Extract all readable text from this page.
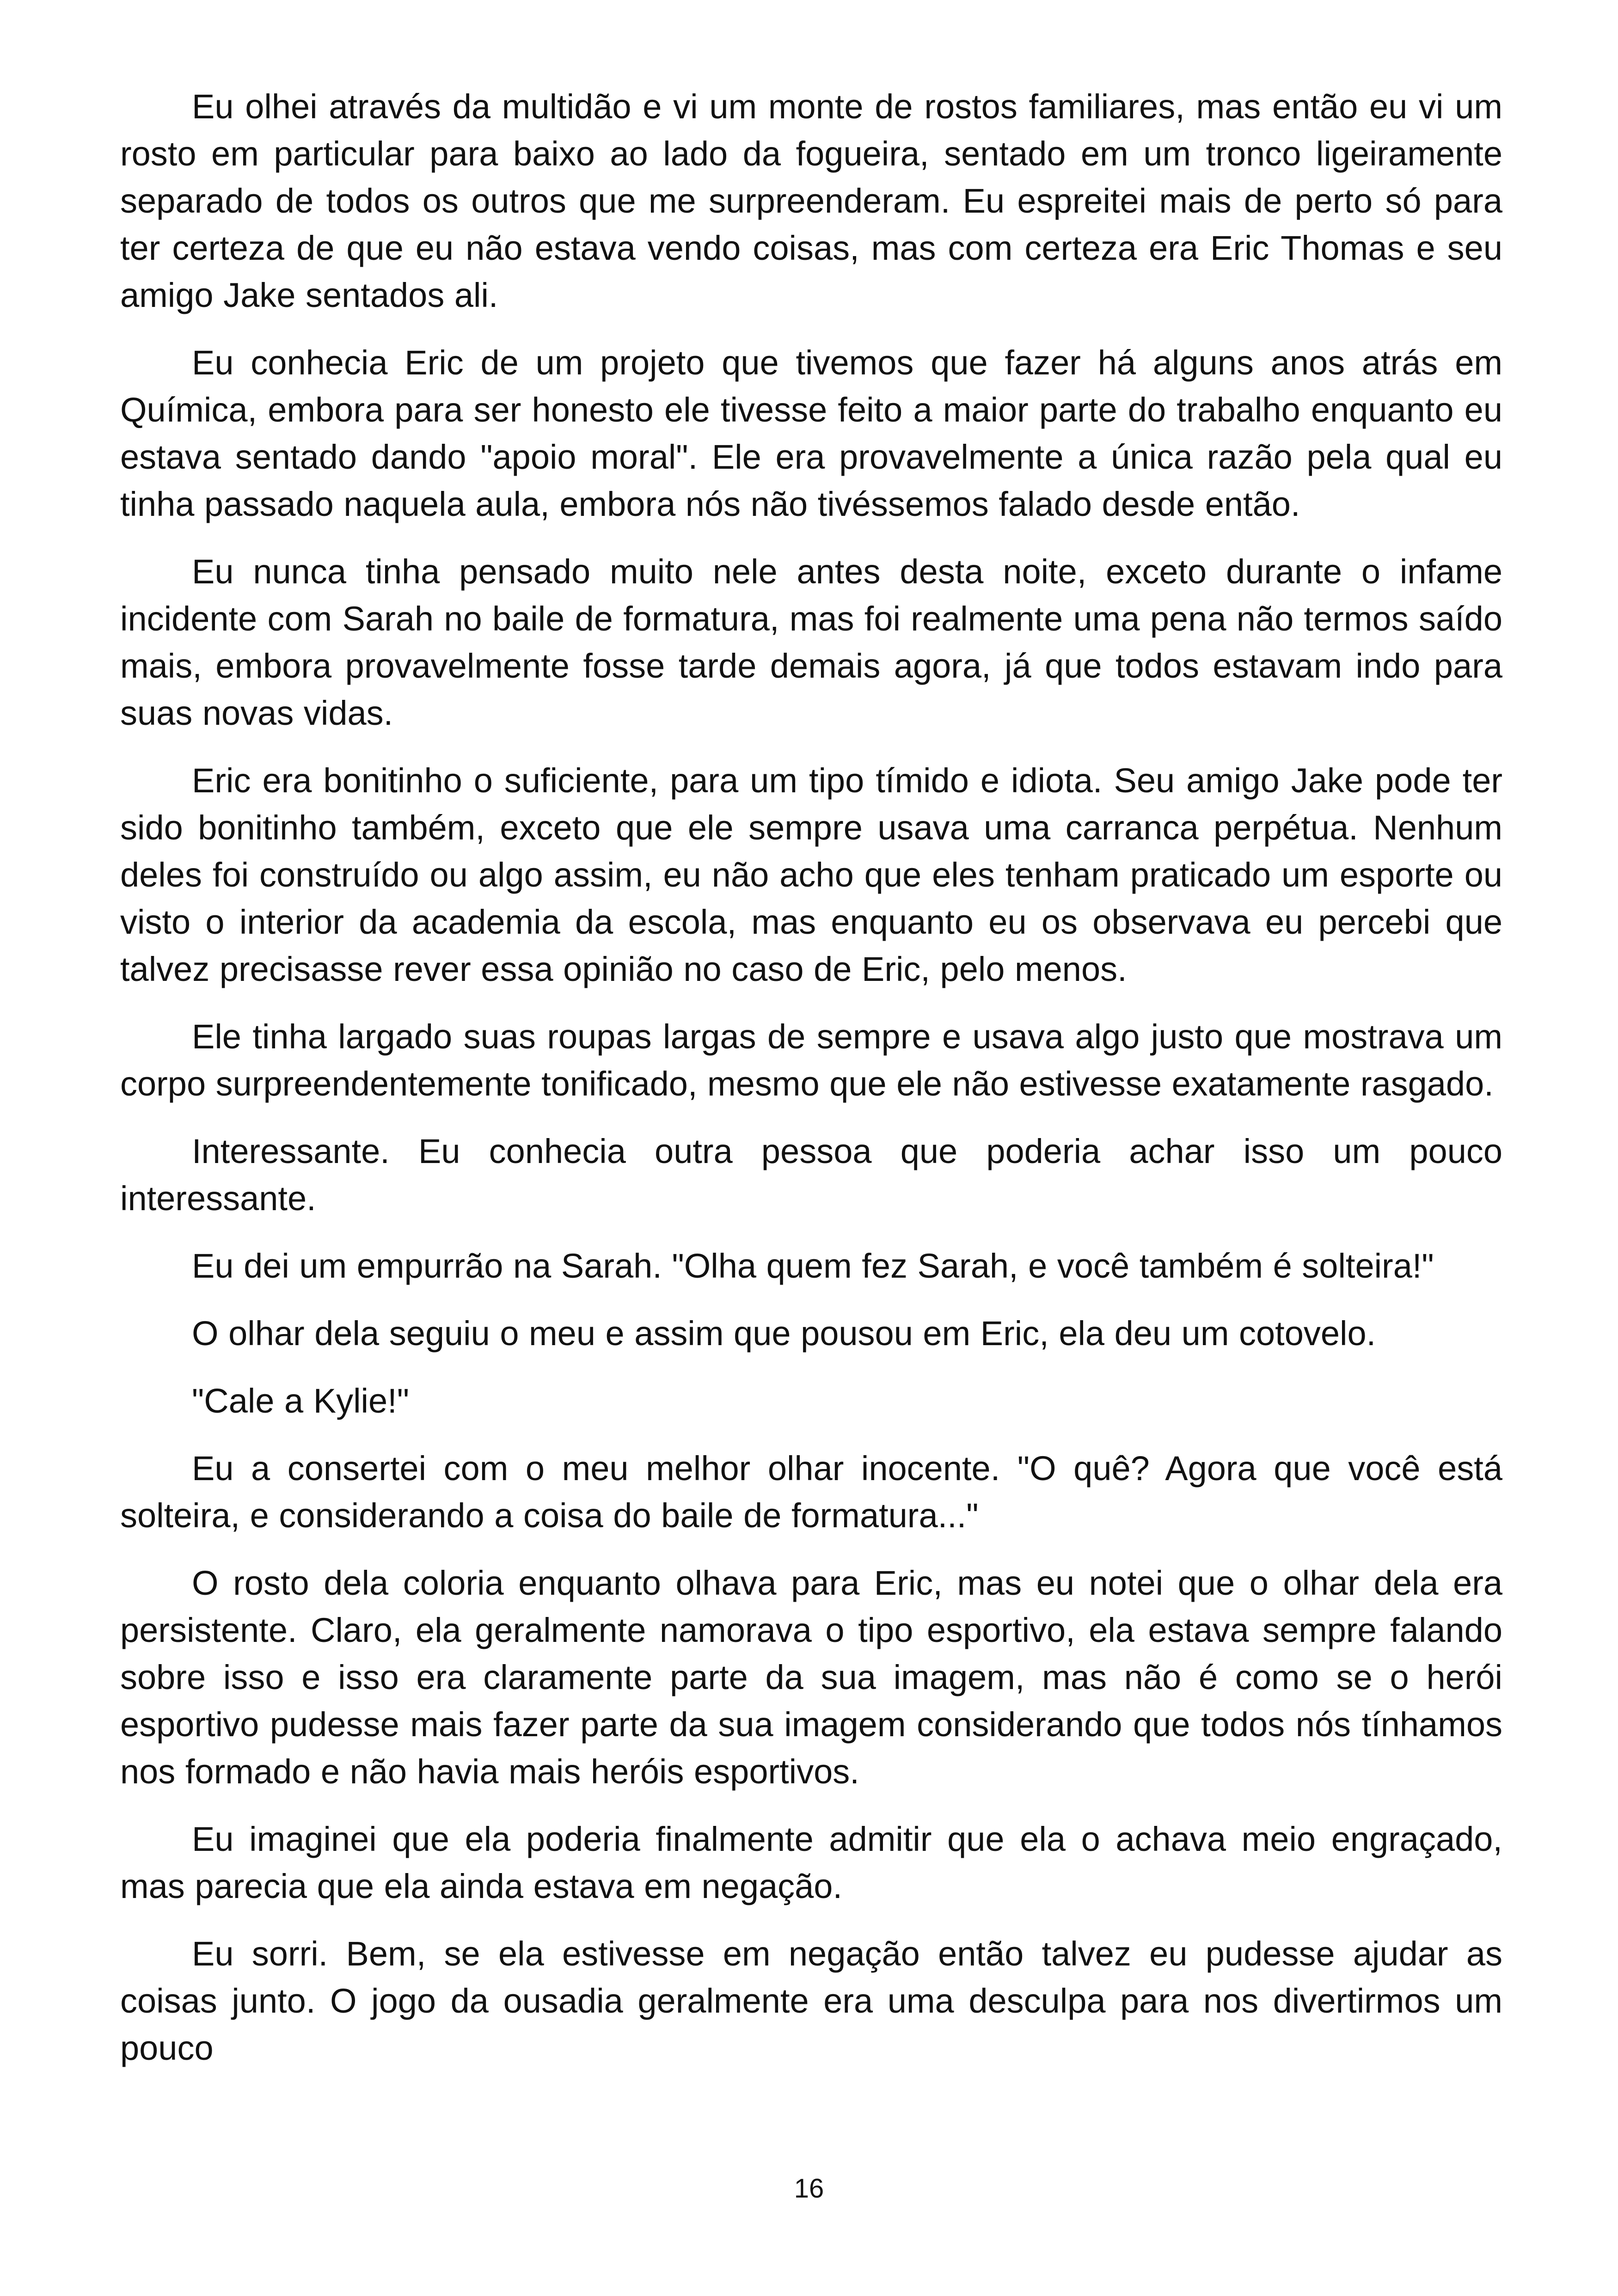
Eu olhei através da multidão e vi um monte de rostos familiares, mas então eu vi um rosto em particular para baixo ao lado da fogueira, sentado em um tronco ligeiramente separado de todos os outros que me surpreenderam. Eu espreitei mais de perto só para ter certeza de que eu não estava vendo coisas, mas com certeza era Eric Thomas e seu amigo Jake sentados ali.

Eu conhecia Eric de um projeto que tivemos que fazer há alguns anos atrás em Química, embora para ser honesto ele tivesse feito a maior parte do trabalho enquanto eu estava sentado dando "apoio moral". Ele era provavelmente a única razão pela qual eu tinha passado naquela aula, embora nós não tivéssemos falado desde então.

Eu nunca tinha pensado muito nele antes desta noite, exceto durante o infame incidente com Sarah no baile de formatura, mas foi realmente uma pena não termos saído mais, embora provavelmente fosse tarde demais agora, já que todos estavam indo para suas novas vidas.

Eric era bonitinho o suficiente, para um tipo tímido e idiota. Seu amigo Jake pode ter sido bonitinho também, exceto que ele sempre usava uma carranca perpétua. Nenhum deles foi construído ou algo assim, eu não acho que eles tenham praticado um esporte ou visto o interior da academia da escola, mas enquanto eu os observava eu percebi que talvez precisasse rever essa opinião no caso de Eric, pelo menos.

Ele tinha largado suas roupas largas de sempre e usava algo justo que mostrava um corpo surpreendentemente tonificado, mesmo que ele não estivesse exatamente rasgado.

Interessante. Eu conhecia outra pessoa que poderia achar isso um pouco interessante.

Eu dei um empurrão na Sarah. "Olha quem fez Sarah, e você também é solteira!"

O olhar dela seguiu o meu e assim que pousou em Eric, ela deu um cotovelo.

"Cale a Kylie!"

Eu a consertei com o meu melhor olhar inocente. "O quê? Agora que você está solteira, e considerando a coisa do baile de formatura..."

O rosto dela coloria enquanto olhava para Eric, mas eu notei que o olhar dela era persistente. Claro, ela geralmente namorava o tipo esportivo, ela estava sempre falando sobre isso e isso era claramente parte da sua imagem, mas não é como se o herói esportivo pudesse mais fazer parte da sua imagem considerando que todos nós tínhamos nos formado e não havia mais heróis esportivos.

Eu imaginei que ela poderia finalmente admitir que ela o achava meio engraçado, mas parecia que ela ainda estava em negação.

Eu sorri. Bem, se ela estivesse em negação então talvez eu pudesse ajudar as coisas junto. O jogo da ousadia geralmente era uma desculpa para nos divertirmos um pouco

16
